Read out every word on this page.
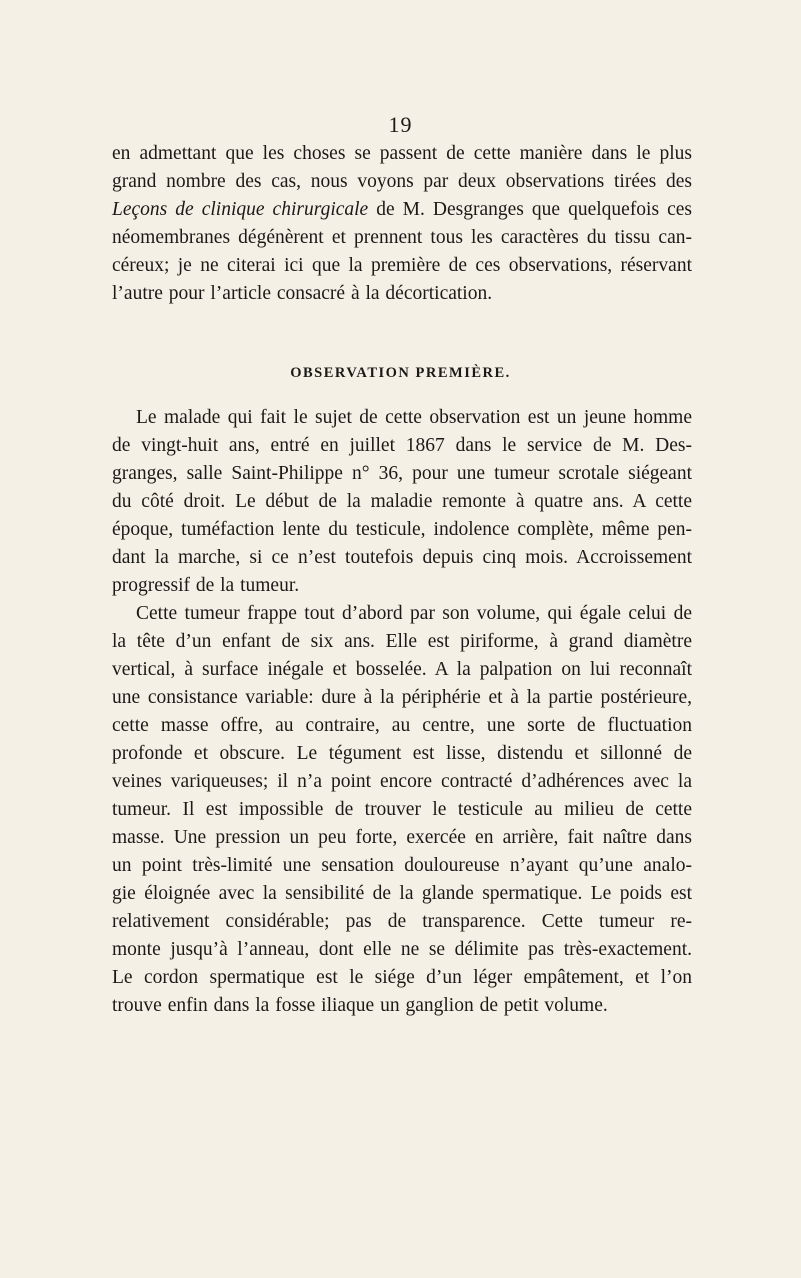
19
en admettant que les choses se passent de cette manière dans le plus
grand nombre des cas, nous voyons par deux observations tirées des
Leçons de clinique chirurgicale de M. Desgranges que quelquefois ces
néomembranes dégénèrent et prennent tous les caractères du tissu can-
céreux; je ne citerai ici que la première de ces observations, réservant
l’autre pour l’article consacré à la décortication.
OBSERVATION PREMIÈRE.
Le malade qui fait le sujet de cette observation est un jeune homme
de vingt-huit ans, entré en juillet 1867 dans le service de M. Des-
granges, salle Saint-Philippe n° 36, pour une tumeur scrotale siégeant
du côté droit. Le début de la maladie remonte à quatre ans. A cette
époque, tuméfaction lente du testicule, indolence complète, même pen-
dant la marche, si ce n’est toutefois depuis cinq mois. Accroissement
progressif de la tumeur.
Cette tumeur frappe tout d’abord par son volume, qui égale celui de
la tête d’un enfant de six ans. Elle est piriforme, à grand diamètre
vertical, à surface inégale et bosselée. A la palpation on lui reconnaît
une consistance variable: dure à la périphérie et à la partie postérieure,
cette masse offre, au contraire, au centre, une sorte de fluctuation
profonde et obscure. Le tégument est lisse, distendu et sillonné de
veines variqueuses; il n’a point encore contracté d’adhérences avec la
tumeur. Il est impossible de trouver le testicule au milieu de cette
masse. Une pression un peu forte, exercée en arrière, fait naître dans
un point très-limité une sensation douloureuse n’ayant qu’une analo-
gie éloignée avec la sensibilité de la glande spermatique. Le poids est
relativement considérable; pas de transparence. Cette tumeur re-
monte jusqu’à l’anneau, dont elle ne se délimite pas très-exactement.
Le cordon spermatique est le siége d’un léger empâtement, et l’on
trouve enfin dans la fosse iliaque un ganglion de petit volume.
